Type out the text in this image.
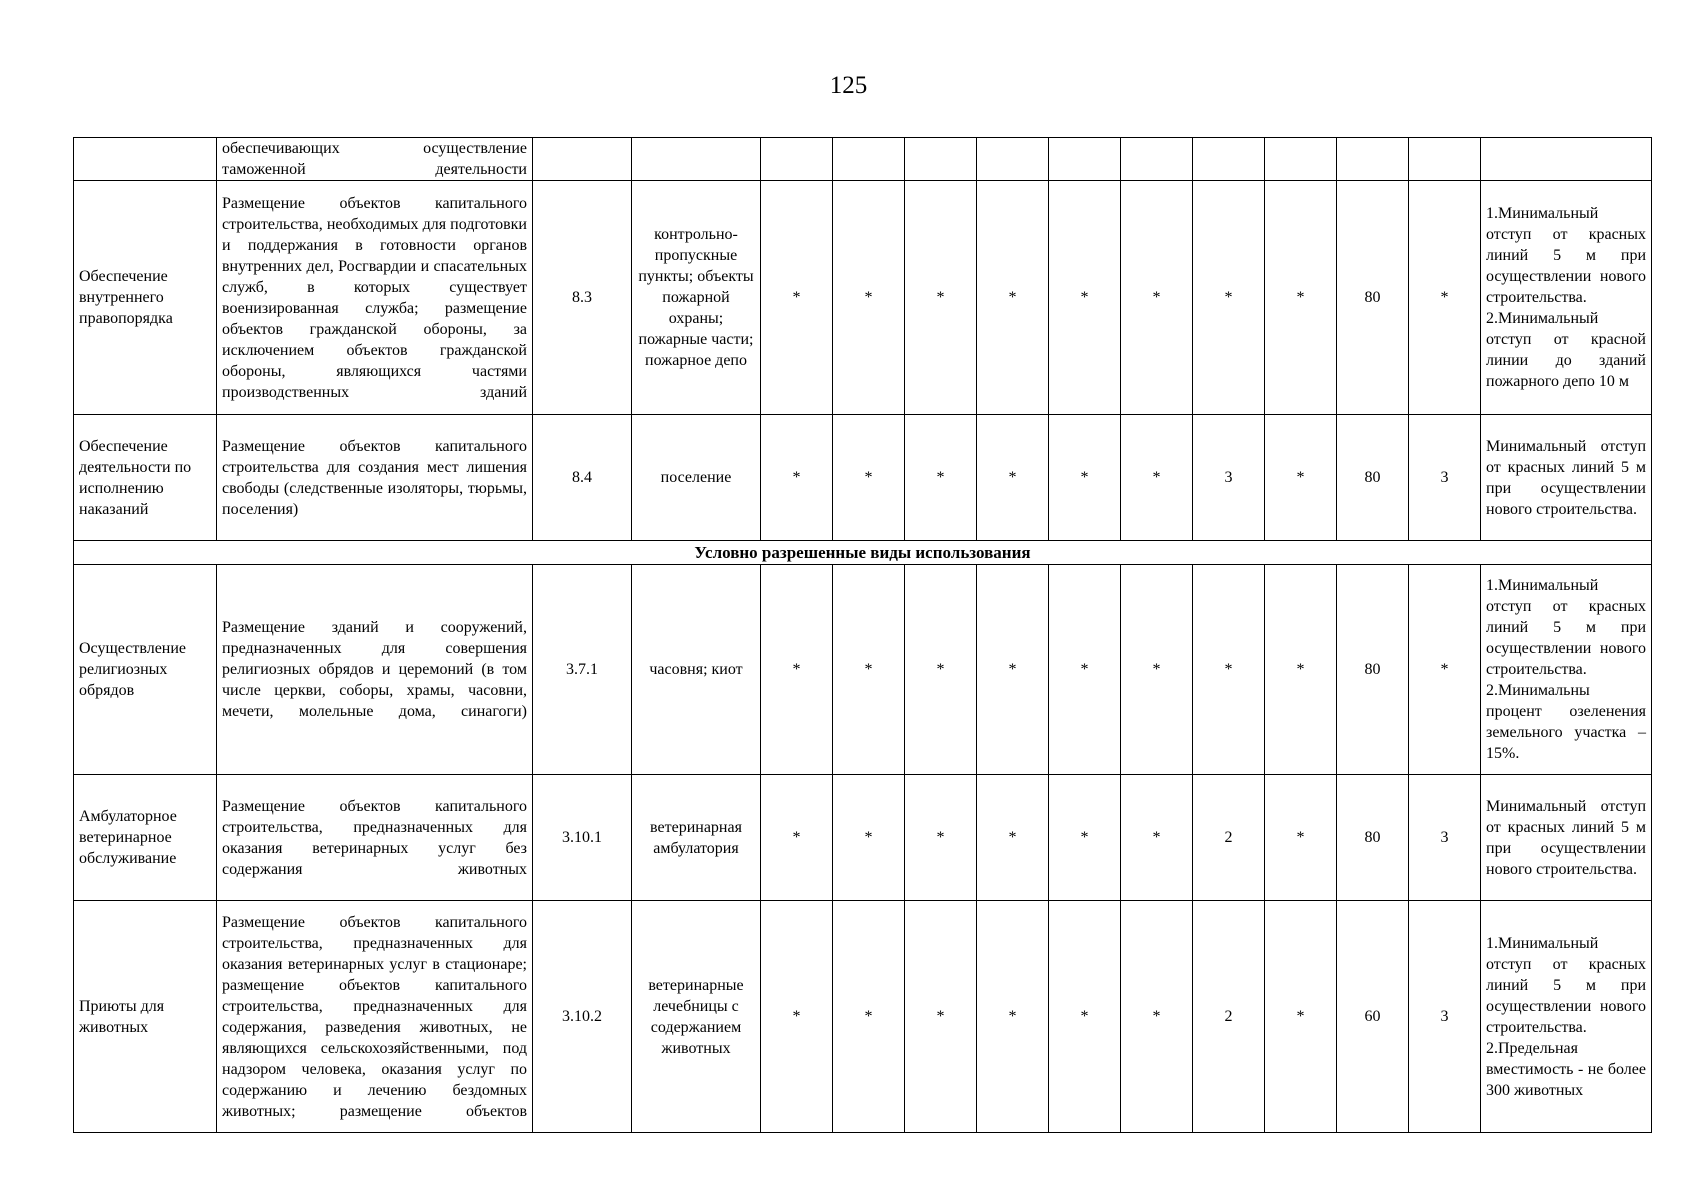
125
	обеспечивающих осуществление таможенной деятельности													
Обеспечение внутреннего правопорядка	Размещение объектов капитального строительства, необходимых для подготовки и поддержания в готовности органов внутренних дел, Росгвардии и спасательных служб, в которых существует военизированная служба; размещение объектов гражданской обороны, за исключением объектов гражданской обороны, являющихся частями производственных зданий	8.3	контрольно-пропускные пункты; объекты пожарной охраны; пожарные части; пожарное депо	*	*	*	*	*	*	*	*	80	*	1.Минимальный отступ от красных линий 5 м при осуществлении нового строительства.
2.Минимальный отступ от красной линии до зданий пожарного депо 10 м
Обеспечение деятельности по исполнению наказаний	Размещение объектов капитального строительства для создания мест лишения свободы (следственные изоляторы, тюрьмы, поселения)	8.4	поселение	*	*	*	*	*	*	3	*	80	3	Минимальный отступ от красных линий 5 м при осуществлении нового строительства.
Условно разрешенные виды использования														
Осуществление религиозных обрядов	Размещение зданий и сооружений, предназначенных для совершения религиозных обрядов и церемоний (в том числе церкви, соборы, храмы, часовни, мечети, молельные дома, синагоги)	3.7.1	часовня; киот	*	*	*	*	*	*	*	*	80	*	1.Минимальный отступ от красных линий 5 м при осуществлении нового строительства.
2.Минимальны процент озеленения земельного участка – 15%.
Амбулаторное ветеринарное обслуживание	Размещение объектов капитального строительства, предназначенных для оказания ветеринарных услуг без содержания животных	3.10.1	ветеринарная амбулатория	*	*	*	*	*	*	2	*	80	3	Минимальный отступ от красных линий 5 м при осуществлении нового строительства.
Приюты для животных	Размещение объектов капитального строительства, предназначенных для оказания ветеринарных услуг в стационаре; размещение объектов капитального строительства, предназначенных для содержания, разведения животных, не являющихся сельскохозяйственными, под надзором человека, оказания услуг по содержанию и лечению бездомных животных; размещение объектов	3.10.2	ветеринарные лечебницы с содержанием животных	*	*	*	*	*	*	2	*	60	3	1.Минимальный отступ от красных линий 5 м при осуществлении нового строительства.
2.Предельная вместимость - не более 300 животных
